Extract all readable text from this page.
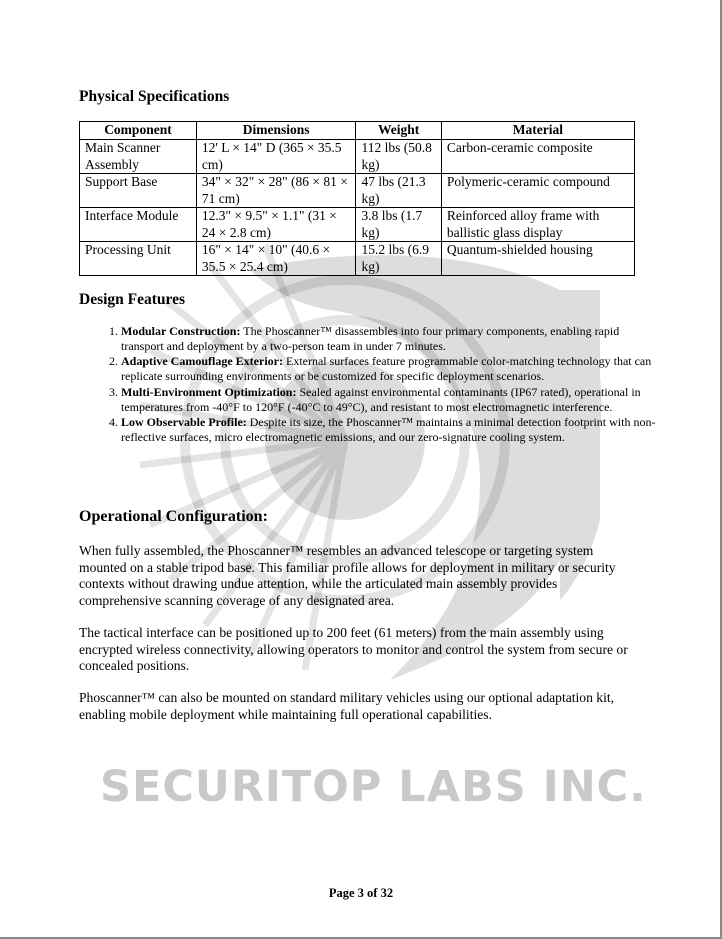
SECURITOP LABS INC.
Physical Specifications
Component	Dimensions	Weight	Material
Main Scanner Assembly	12' L × 14" D (365 × 35.5 cm)	112 lbs (50.8 kg)	Carbon-ceramic composite
Support Base	34" × 32" × 28" (86 × 81 × 71 cm)	47 lbs (21.3 kg)	Polymeric-ceramic compound
Interface Module	12.3" × 9.5" × 1.1" (31 × 24 × 2.8 cm)	3.8 lbs (1.7 kg)	Reinforced alloy frame with ballistic glass display
Processing Unit	16" × 14" × 10" (40.6 × 35.5 × 25.4 cm)	15.2 lbs (6.9 kg)	Quantum-shielded housing
Design Features
1. Modular Construction: The Phoscanner™ disassembles into four primary components, enabling rapid transport and deployment by a two-person team in under 7 minutes.
2. Adaptive Camouflage Exterior: External surfaces feature programmable color-matching technology that can replicate surrounding environments or be customized for specific deployment scenarios.
3. Multi-Environment Optimization: Sealed against environmental contaminants (IP67 rated), operational in temperatures from -40°F to 120°F (-40°C to 49°C), and resistant to most electromagnetic interference.
4. Low Observable Profile: Despite its size, the Phoscanner™ maintains a minimal detection footprint with non-reflective surfaces, micro electromagnetic emissions, and our zero-signature cooling system.
Operational Configuration:

When fully assembled, the Phoscanner™ resembles an advanced telescope or targeting system mounted on a stable tripod base. This familiar profile allows for deployment in military or security contexts without drawing undue attention, while the articulated main assembly provides comprehensive scanning coverage of any designated area.

The tactical interface can be positioned up to 200 feet (61 meters) from the main assembly using encrypted wireless connectivity, allowing operators to monitor and control the system from secure or concealed positions.

Phoscanner™ can also be mounted on standard military vehicles using our optional adaptation kit, enabling mobile deployment while maintaining full operational capabilities.

Page 3 of 32
